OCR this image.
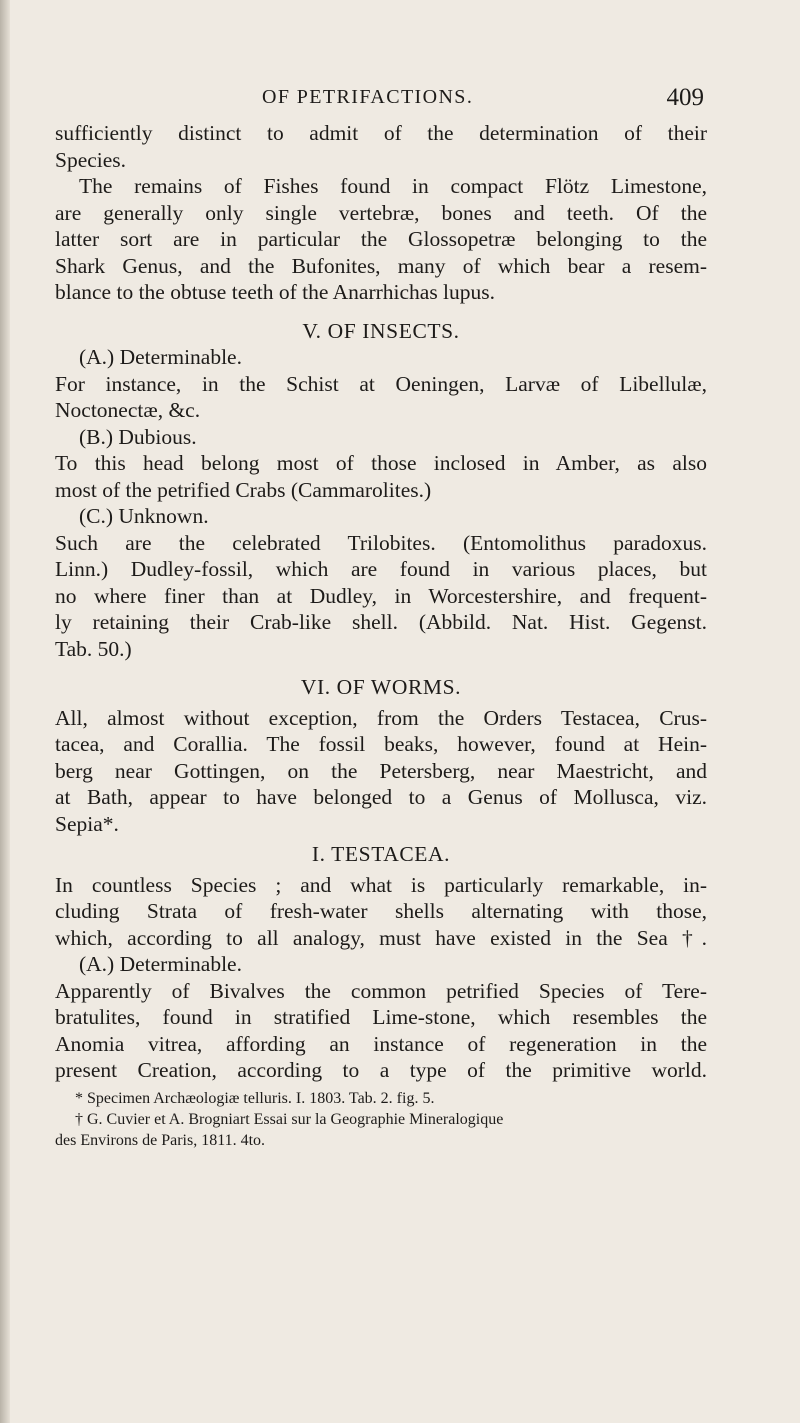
OF PETRIFACTIONS.	409
sufficiently distinct to admit of the determination of their
Species.
The remains of Fishes found in compact Flötz Limestone,
are generally only single vertebræ, bones and teeth. Of the
latter sort are in particular the Glossopetræ belonging to the
Shark Genus, and the Bufonites, many of which bear a resem-
blance to the obtuse teeth of the Anarrhichas lupus.
V. OF INSECTS.
(A.) Determinable.
For instance, in the Schist at Oeningen, Larvæ of Libellulæ,
Noctonectæ, &c.
(B.) Dubious.
To this head belong most of those inclosed in Amber, as also
most of the petrified Crabs (Cammarolites.)
(C.) Unknown.
Such are the celebrated Trilobites. (Entomolithus paradoxus.
Linn.) Dudley-fossil, which are found in various places, but
no where finer than at Dudley, in Worcestershire, and frequent-
ly retaining their Crab-like shell. (Abbild. Nat. Hist. Gegenst.
Tab. 50.)
VI. OF WORMS.
All, almost without exception, from the Orders Testacea, Crus-
tacea, and Corallia. The fossil beaks, however, found at Hein-
berg near Gottingen, on the Petersberg, near Maestricht, and
at Bath, appear to have belonged to a Genus of Mollusca, viz.
Sepia*.
I. TESTACEA.
In countless Species ; and what is particularly remarkable, in-
cluding Strata of fresh-water shells alternating with those,
which, according to all analogy, must have existed in the Sea †.
(A.) Determinable.
Apparently of Bivalves the common petrified Species of Tere-
bratulites, found in stratified Lime-stone, which resembles the
Anomia vitrea, affording an instance of regeneration in the
present Creation, according to a type of the primitive world.
* Specimen Archæologiæ telluris. I. 1803. Tab. 2. fig. 5.
† G. Cuvier et A. Brogniart Essai sur la Geographie Mineralogique
des Environs de Paris, 1811. 4to.
